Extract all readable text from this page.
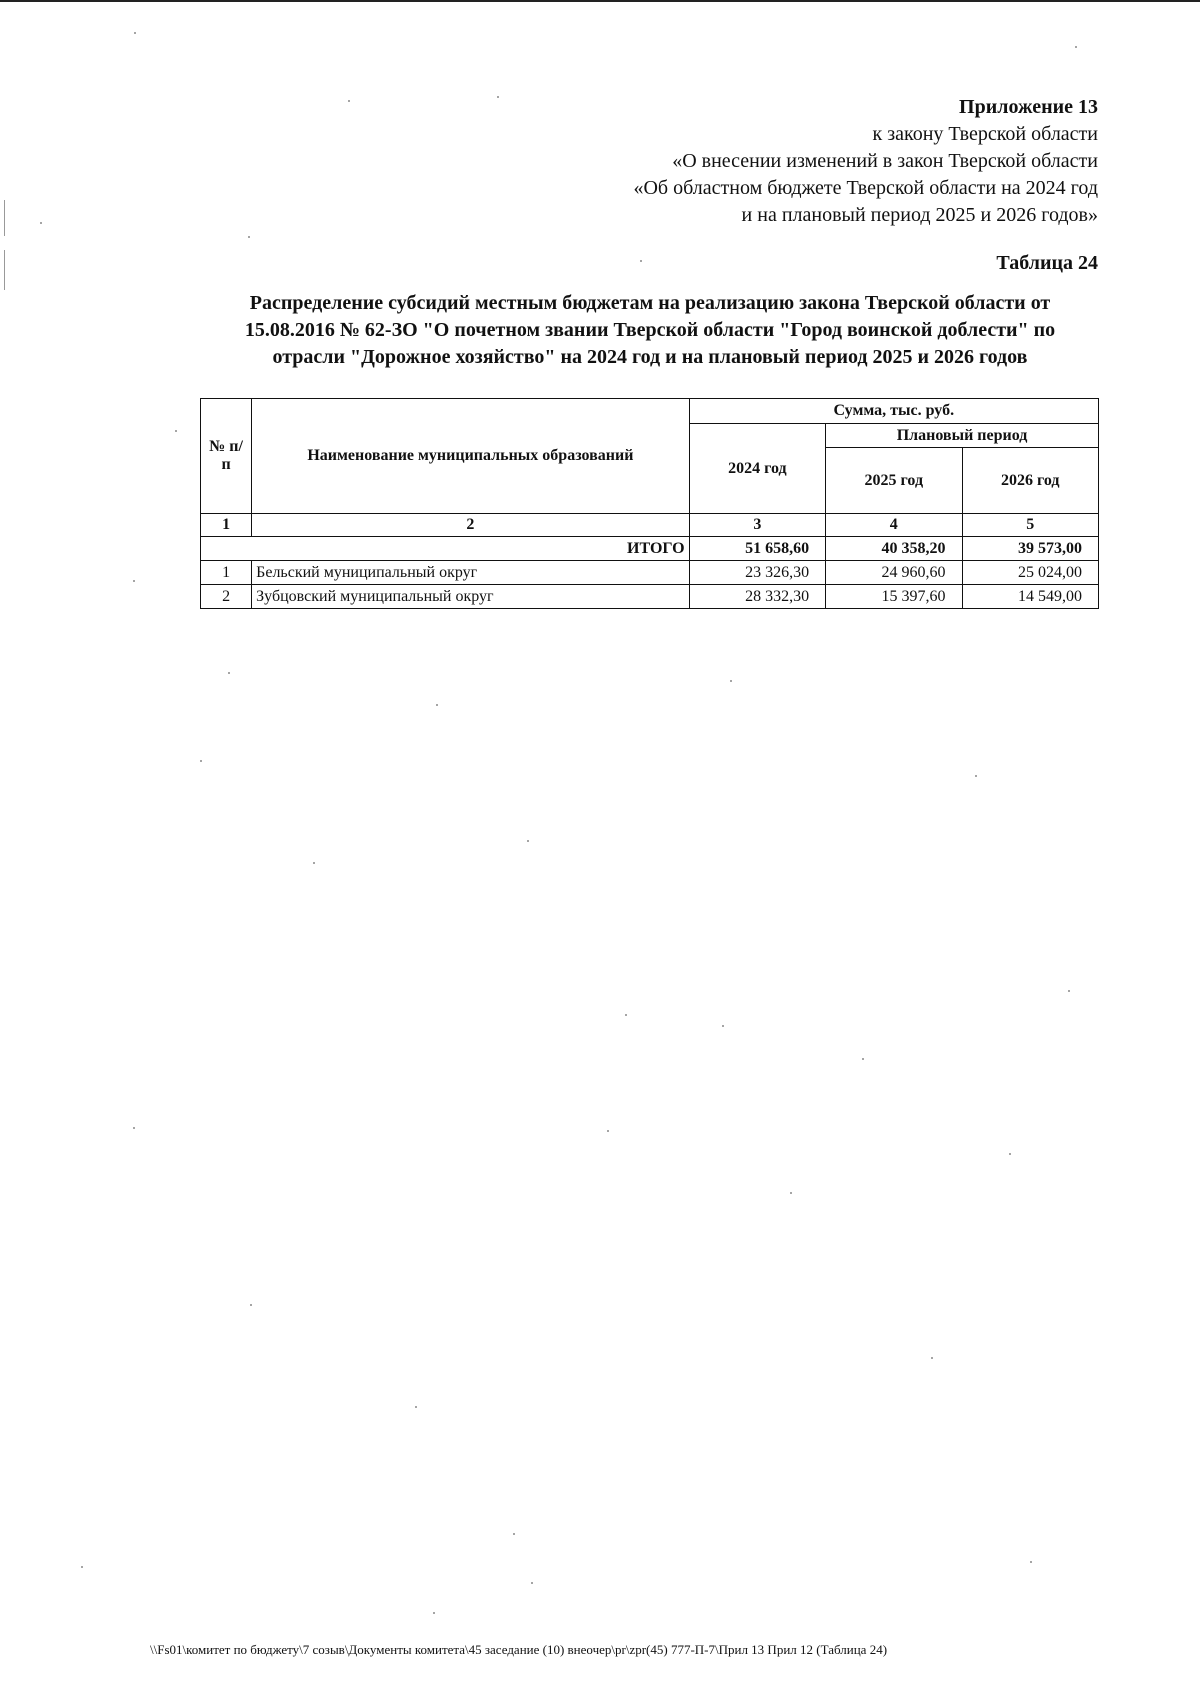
Приложение 13
к закону Тверской области
«О внесении изменений в закон Тверской области
«Об областном бюджете Тверской области на 2024 год
и на плановый период 2025 и 2026 годов»
Таблица 24
Распределение субсидий местным бюджетам на реализацию закона Тверской области от
15.08.2016 № 62-ЗО "О почетном звании Тверской области "Город воинской доблести" по
отрасли "Дорожное хозяйство" на 2024 год и на плановый период 2025 и 2026 годов
№ п/п	Наименование муниципальных образований	Сумма, тыс. руб.		
		2024 год	Плановый период	
			2025 год	2026 год
1	2	3	4	5
ИТОГО		51 658,60	40 358,20	39 573,00
1	Бельский муниципальный округ	23 326,30	24 960,60	25 024,00
2	Зубцовский муниципальный округ	28 332,30	15 397,60	14 549,00
\\Fs01\комитет по бюджету\7 созыв\Документы комитета\45 заседание (10) внеочер\pr\zpr(45) 777-П-7\Прил 13 Прил 12 (Таблица 24)
